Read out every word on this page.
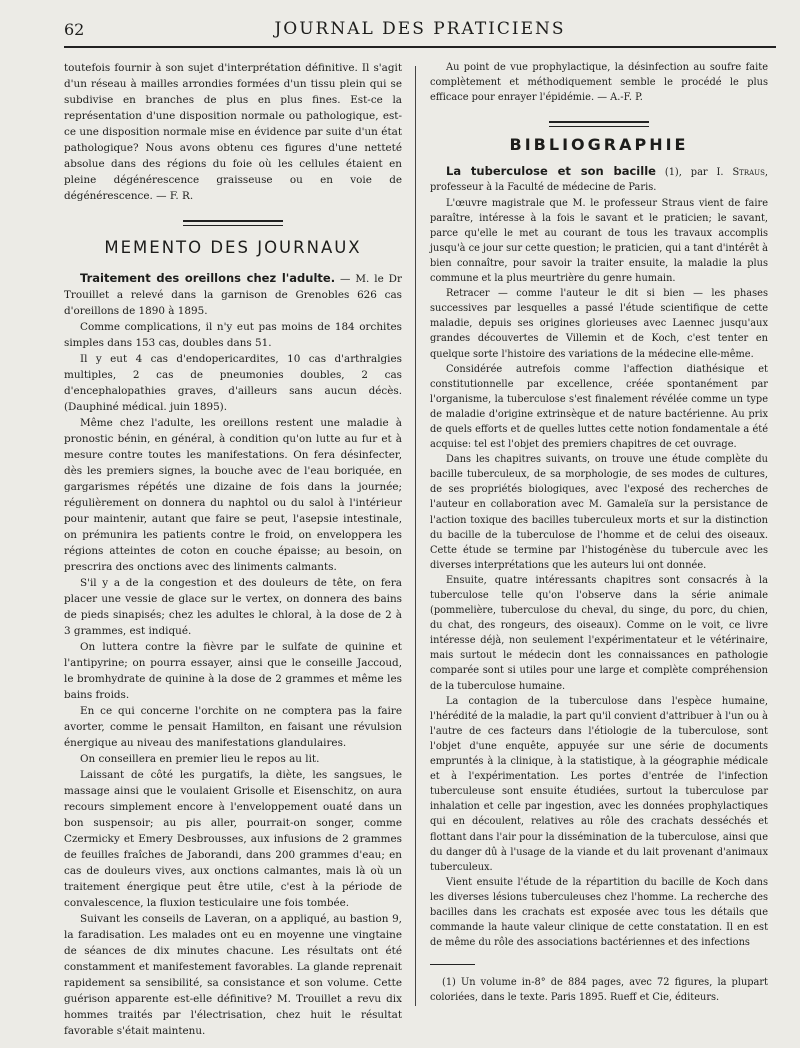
62	JOURNAL DES PRATICIENS

toutefois fournir à son sujet d'interprétation définitive. Il s'agit d'un réseau à mailles arrondies formées d'un tissu plein qui se subdivise en branches de plus en plus fines. Est-ce la représentation d'une disposition normale ou pathologique, est-ce une disposition normale mise en évidence par suite d'un état pathologique? Nous avons obtenu ces figures d'une netteté absolue dans des régions du foie où les cellules étaient en pleine dégénérescence graisseuse ou en voie de dégénérescence. — F. R.

MEMENTO DES JOURNAUX

Traitement des oreillons chez l'adulte. — M. le Dr Trouillet a relevé dans la garnison de Grenobles 626 cas d'oreillons de 1890 à 1895.

Comme complications, il n'y eut pas moins de 184 orchites simples dans 153 cas, doubles dans 51.

Il y eut 4 cas d'endopericardites, 10 cas d'arthralgies multiples, 2 cas de pneumonies doubles, 2 cas d'encephalopathies graves, d'ailleurs sans aucun décès. (Dauphiné médical. juin 1895).

Même chez l'adulte, les oreillons restent une maladie à pronostic bénin, en général, à condition qu'on lutte au fur et à mesure contre toutes les manifestations. On fera désinfecter, dès les premiers signes, la bouche avec de l'eau boriquée, en gargarismes répétés une dizaine de fois dans la journée; régulièrement on donnera du naphtol ou du salol à l'intérieur pour maintenir, autant que faire se peut, l'asepsie intestinale, on prémunira les patients contre le froid, on enveloppera les régions atteintes de coton en couche épaisse; au besoin, on prescrira des onctions avec des liniments calmants.

S'il y a de la congestion et des douleurs de tête, on fera placer une vessie de glace sur le vertex, on donnera des bains de pieds sinapisés; chez les adultes le chloral, à la dose de 2 à 3 grammes, est indiqué.

On luttera contre la fièvre par le sulfate de quinine et l'antipyrine; on pourra essayer, ainsi que le conseille Jaccoud, le bromhydrate de quinine à la dose de 2 grammes et même les bains froids.

En ce qui concerne l'orchite on ne comptera pas la faire avorter, comme le pensait Hamilton, en faisant une révulsion énergique au niveau des manifestations glandulaires.

On conseillera en premier lieu le repos au lit.

Laissant de côté les purgatifs, la diète, les sangsues, le massage ainsi que le voulaient Grisolle et Eisenschitz, on aura recours simplement encore à l'enveloppement ouaté dans un bon suspensoir; au pis aller, pourrait-on songer, comme Czermicky et Emery Desbrousses, aux infusions de 2 grammes de feuilles fraîches de Jaborandi, dans 200 grammes d'eau; en cas de douleurs vives, aux onctions calmantes, mais là où un traitement énergique peut être utile, c'est à la période de convalescence, la fluxion testiculaire une fois tombée.

Suivant les conseils de Laveran, on a appliqué, au bastion 9, la faradisation. Les malades ont eu en moyenne une vingtaine de séances de dix minutes chacune. Les résultats ont été constamment et manifestement favorables. La glande reprenait rapidement sa sensibilité, sa consistance et son volume. Cette guérison apparente est-elle définitive? M. Trouillet a revu dix hommes traités par l'électrisation, chez huit le résultat favorable s'était maintenu.

Au point de vue prophylactique, la désinfection au soufre faite complètement et méthodiquement semble le procédé le plus efficace pour enrayer l'épidémie. — A.-F. P.

BIBLIOGRAPHIE

La tuberculose et son bacille (1), par I. Straus, professeur à la Faculté de médecine de Paris.

L'œuvre magistrale que M. le professeur Straus vient de faire paraître, intéresse à la fois le savant et le praticien; le savant, parce qu'elle le met au courant de tous les travaux accomplis jusqu'à ce jour sur cette question; le praticien, qui a tant d'intérêt à bien connaître, pour savoir la traiter ensuite, la maladie la plus commune et la plus meurtrière du genre humain.

Retracer — comme l'auteur le dit si bien — les phases successives par lesquelles a passé l'étude scientifique de cette maladie, depuis ses origines glorieuses avec Laennec jusqu'aux grandes découvertes de Villemin et de Koch, c'est tenter en quelque sorte l'histoire des variations de la médecine elle-même.

Considérée autrefois comme l'affection diathésique et constitutionnelle par excellence, créée spontanément par l'organisme, la tuberculose s'est finalement révélée comme un type de maladie d'origine extrinsèque et de nature bactérienne. Au prix de quels efforts et de quelles luttes cette notion fondamentale a été acquise: tel est l'objet des premiers chapitres de cet ouvrage.

Dans les chapitres suivants, on trouve une étude complète du bacille tuberculeux, de sa morphologie, de ses modes de cultures, de ses propriétés biologiques, avec l'exposé des recherches de l'auteur en collaboration avec M. Gamaleïa sur la persistance de l'action toxique des bacilles tuberculeux morts et sur la distinction du bacille de la tuberculose de l'homme et de celui des oiseaux. Cette étude se termine par l'histogénèse du tubercule avec les diverses interprétations que les auteurs lui ont donnée.

Ensuite, quatre intéressants chapitres sont consacrés à la tuberculose telle qu'on l'observe dans la série animale (pommelière, tuberculose du cheval, du singe, du porc, du chien, du chat, des rongeurs, des oiseaux). Comme on le voit, ce livre intéresse déjà, non seulement l'expérimentateur et le vétérinaire, mais surtout le médecin dont les connaissances en pathologie comparée sont si utiles pour une large et complète compréhension de la tuberculose humaine.

La contagion de la tuberculose dans l'espèce humaine, l'hérédité de la maladie, la part qu'il convient d'attribuer à l'un ou à l'autre de ces facteurs dans l'étiologie de la tuberculose, sont l'objet d'une enquête, appuyée sur une série de documents empruntés à la clinique, à la statistique, à la géographie médicale et à l'expérimentation. Les portes d'entrée de l'infection tuberculeuse sont ensuite étudiées, surtout la tuberculose par inhalation et celle par ingestion, avec les données prophylactiques qui en découlent, relatives au rôle des crachats desséchés et flottant dans l'air pour la dissémination de la tuberculose, ainsi que du danger dû à l'usage de la viande et du lait provenant d'animaux tuberculeux.

Vient ensuite l'étude de la répartition du bacille de Koch dans les diverses lésions tuberculeuses chez l'homme. La recherche des bacilles dans les crachats est exposée avec tous les détails que commande la haute valeur clinique de cette constatation. Il en est de même du rôle des associations bactériennes et des infections

(1) Un volume in-8° de 884 pages, avec 72 figures, la plupart coloriées, dans le texte. Paris 1895. Rueff et Cie, éditeurs.
